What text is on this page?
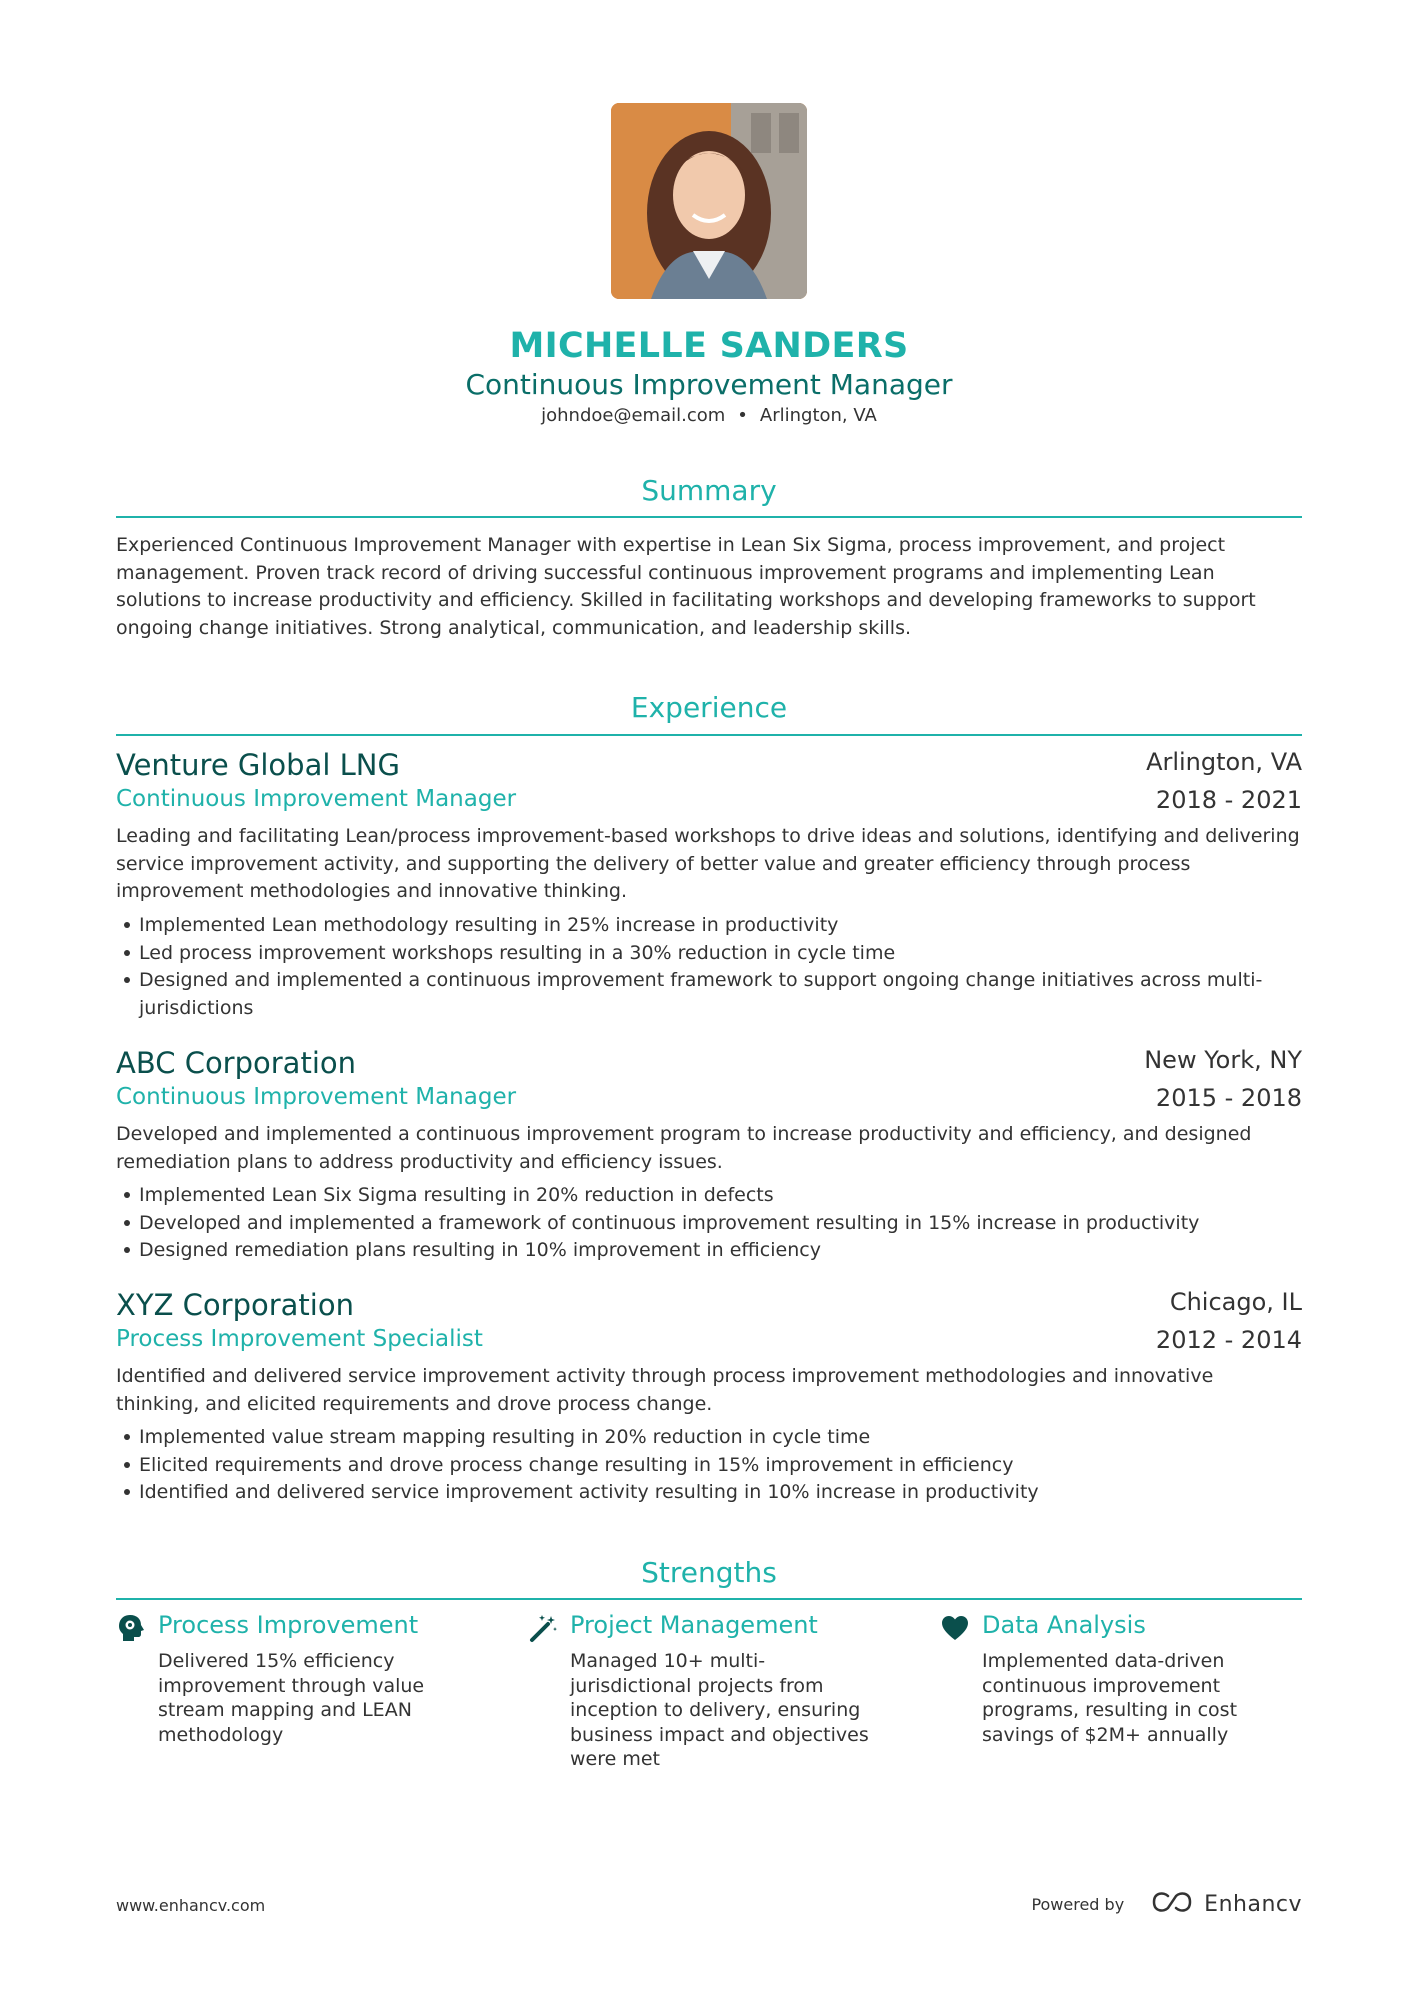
MICHELLE SANDERS
Continuous Improvement Manager
johndoe@email.com • Arlington, VA
Summary
Experienced Continuous Improvement Manager with expertise in Lean Six Sigma, process improvement, and project management. Proven track record of driving successful continuous improvement programs and implementing Lean solutions to increase productivity and efficiency. Skilled in facilitating workshops and developing frameworks to support ongoing change initiatives. Strong analytical, communication, and leadership skills.
Experience
Venture Global LNG	Arlington, VA
Continuous Improvement Manager	2018 - 2021
Leading and facilitating Lean/process improvement-based workshops to drive ideas and solutions, identifying and delivering service improvement activity, and supporting the delivery of better value and greater efficiency through process improvement methodologies and innovative thinking.
Implemented Lean methodology resulting in 25% increase in productivity
Led process improvement workshops resulting in a 30% reduction in cycle time
Designed and implemented a continuous improvement framework to support ongoing change initiatives across multi-jurisdictions
ABC Corporation	New York, NY
Continuous Improvement Manager	2015 - 2018
Developed and implemented a continuous improvement program to increase productivity and efficiency, and designed remediation plans to address productivity and efficiency issues.
Implemented Lean Six Sigma resulting in 20% reduction in defects
Developed and implemented a framework of continuous improvement resulting in 15% increase in productivity
Designed remediation plans resulting in 10% improvement in efficiency
XYZ Corporation	Chicago, IL
Process Improvement Specialist	2012 - 2014
Identified and delivered service improvement activity through process improvement methodologies and innovative thinking, and elicited requirements and drove process change.
Implemented value stream mapping resulting in 20% reduction in cycle time
Elicited requirements and drove process change resulting in 15% improvement in efficiency
Identified and delivered service improvement activity resulting in 10% increase in productivity
Strengths
Process Improvement
Delivered 15% efficiency improvement through value stream mapping and LEAN methodology
Project Management
Managed 10+ multi-jurisdictional projects from inception to delivery, ensuring business impact and objectives were met
Data Analysis
Implemented data-driven continuous improvement programs, resulting in cost savings of $2M+ annually
www.enhancv.com	Powered by	Enhancv
